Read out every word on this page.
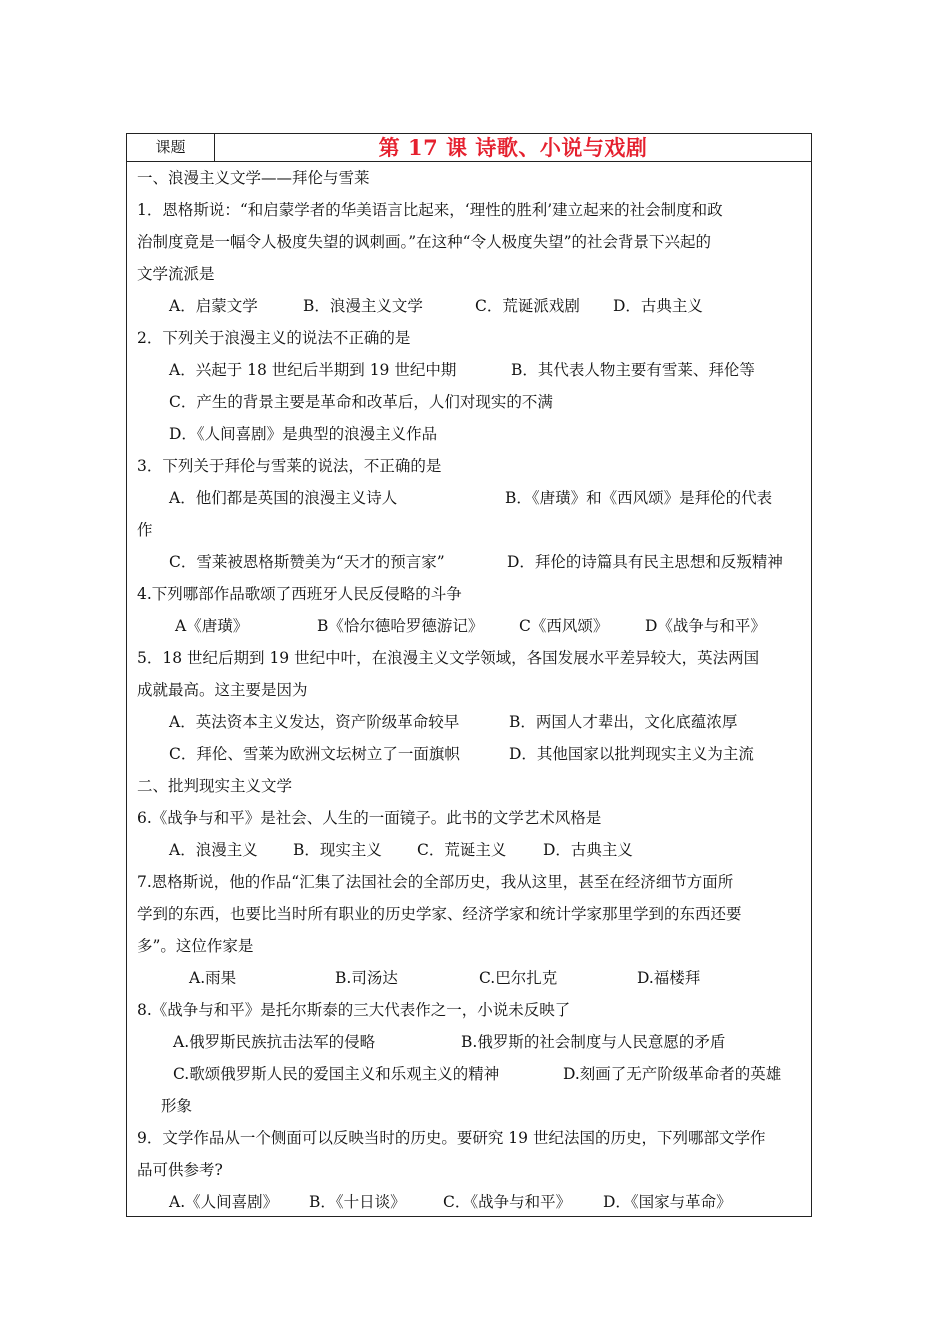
课题	第 17 课 诗歌、小说与戏剧
一、浪漫主义文学——拜伦与雪莱
1．恩格斯说：“和启蒙学者的华美语言比起来，‘理性的胜利’建立起来的社会制度和政
治制度竟是一幅令人极度失望的讽刺画。”在这种“令人极度失望”的社会背景下兴起的
文学流派是
A．启蒙文学	B．浪漫主义文学	C．荒诞派戏剧 D．古典主义
2．下列关于浪漫主义的说法不正确的是
A．兴起于 18 世纪后半期到 19 世纪中期	B．其代表人物主要有雪莱、拜伦等
C．产生的背景主要是革命和改革后，人们对现实的不满
D．《人间喜剧》是典型的浪漫主义作品
3．下列关于拜伦与雪莱的说法，不正确的是
A．他们都是英国的浪漫主义诗人	B．《唐璜》和《西风颂》是拜伦的代表
作
C．雪莱被恩格斯赞美为“天才的预言家”	D．拜伦的诗篇具有民主思想和反叛精神
4.下列哪部作品歌颂了西班牙人民反侵略的斗争
A《唐璜》	B《恰尔德哈罗德游记》 C《西风颂》 D《战争与和平》
5．18 世纪后期到 19 世纪中叶，在浪漫主义文学领域，各国发展水平差异较大，英法两国
成就最高。这主要是因为
A．英法资本主义发达，资产阶级革命较早	B．两国人才辈出，文化底蕴浓厚
C．拜伦、雪莱为欧洲文坛树立了一面旗帜	D．其他国家以批判现实主义为主流
二、批判现实主义文学
6.《战争与和平》是社会、人生的一面镜子。此书的文学艺术风格是
A．浪漫主义 B．现实主义 C．荒诞主义 D．古典主义
7.恩格斯说，他的作品“汇集了法国社会的全部历史，我从这里，甚至在经济细节方面所
学到的东西，也要比当时所有职业的历史学家、经济学家和统计学家那里学到的东西还要
多”。这位作家是
A.雨果	B.司汤达	C.巴尔扎克	D.福楼拜
8.《战争与和平》是托尔斯泰的三大代表作之一，小说未反映了
A.俄罗斯民族抗击法军的侵略	B.俄罗斯的社会制度与人民意愿的矛盾
C.歌颂俄罗斯人民的爱国主义和乐观主义的精神	D.刻画了无产阶级革命者的英雄
形象
9．文学作品从一个侧面可以反映当时的历史。要研究 19 世纪法国的历史，下列哪部文学作
品可供参考?
A.《人间喜剧》 B．《十日谈》 C．《战争与和平》 D．《国家与革命》
